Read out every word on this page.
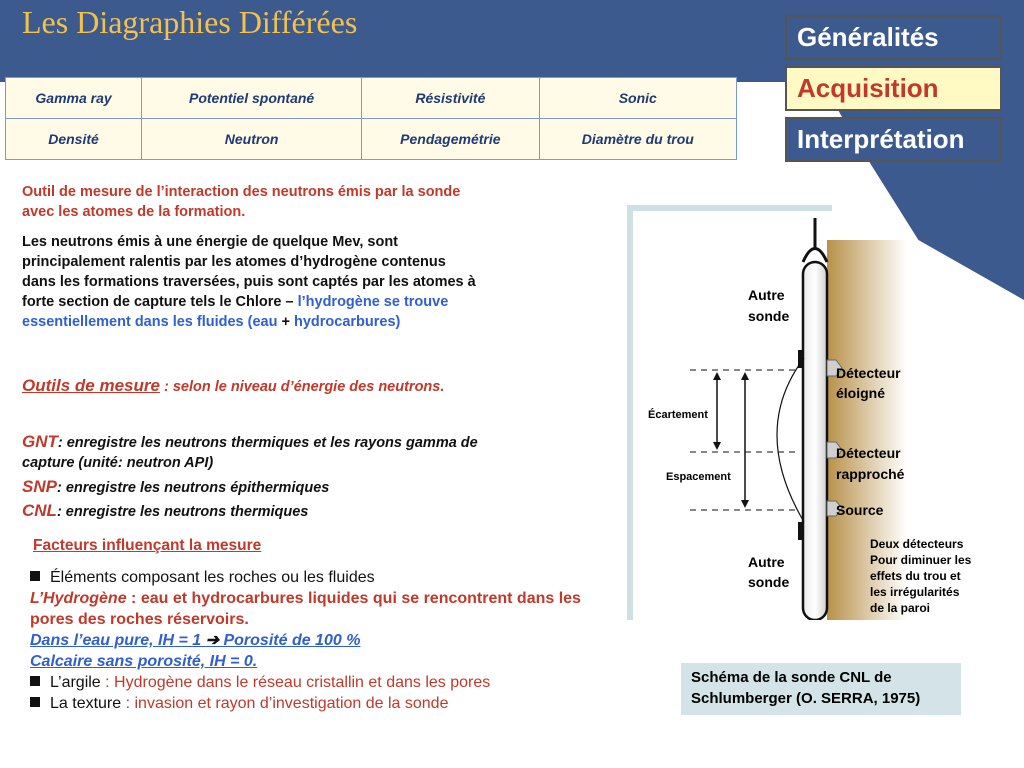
Les Diagraphies Différées
Gamma ray	Potentiel spontané	Résistivité	Sonic
Densité	Neutron	Pendagemétrie	Diamètre du trou
Généralités
Acquisition
Interprétation
Outil de mesure de l’interaction des neutrons émis par la sonde avec les atomes de la formation.
Les neutrons émis à une énergie de quelque Mev, sont principalement ralentis par les atomes d’hydrogène contenus dans les formations traversées, puis sont captés par les atomes à forte section de capture tels le Chlore – l’hydrogène se trouve essentiellement dans les fluides (eau + hydrocarbures)
Outils de mesure : selon le niveau d’énergie des neutrons.
GNT: enregistre les neutrons thermiques et les rayons gamma de capture (unité: neutron API)
SNP: enregistre les neutrons épithermiques
CNL: enregistre les neutrons thermiques
Facteurs influençant la mesure
Éléments composant les roches ou les fluides
L’Hydrogène : eau et hydrocarbures liquides qui se rencontrent dans les pores des roches réservoirs.
Dans l’eau pure, IH = 1 ➔ Porosité de 100 %
Calcaire sans porosité, IH = 0.
L’argile : Hydrogène dans le réseau cristallin et dans les pores
La texture : invasion et rayon d’investigation de la sonde
Autre
sonde
Détecteur
éloigné
Détecteur
rapproché
Source
Écartement
Espacement
Autre
sonde
Deux détecteurs
Pour diminuer les
effets du trou et
les irrégularités
de la paroi
Schéma de la sonde CNL de Schlumberger (O. SERRA, 1975)
